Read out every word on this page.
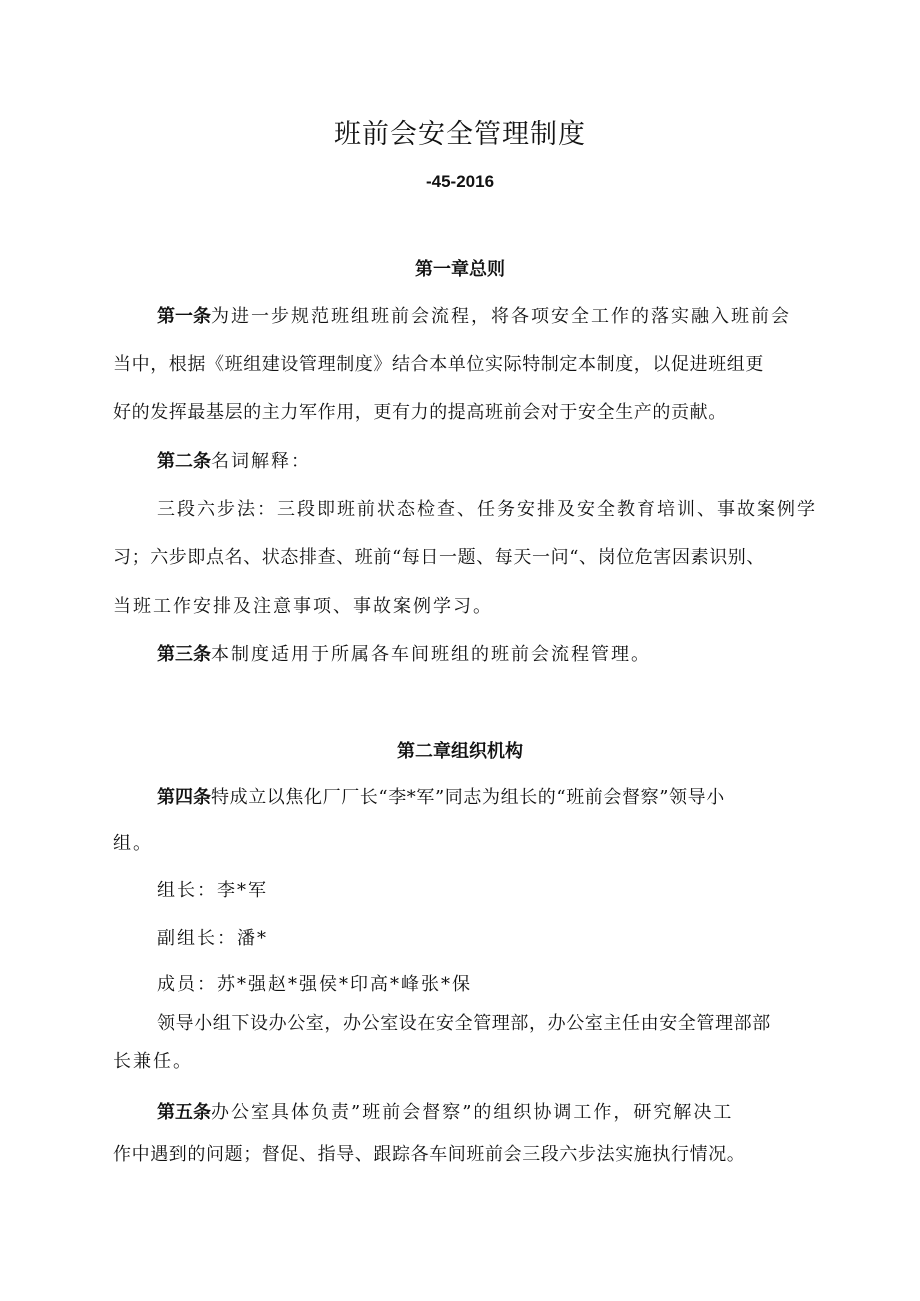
班前会安全管理制度
-45-2016
第一章总则
第一条为进一步规范班组班前会流程，将各项安全工作的落实融入班前会
当中，根据《班组建设管理制度》结合本单位实际特制定本制度，以促进班组更
好的发挥最基层的主力军作用，更有力的提高班前会对于安全生产的贡献。
第二条名词解释：
三段六步法：三段即班前状态检查、任务安排及安全教育培训、事故案例学
习；六步即点名、状态排查、班前“每日一题、每天一问“、岗位危害因素识别、
当班工作安排及注意事项、事故案例学习。
第三条本制度适用于所属各车间班组的班前会流程管理。
第二章组织机构
第四条特成立以焦化厂厂长“李*军”同志为组长的“班前会督察”领导小
组。
组长：李*军
副组长：潘*
成员：苏*强赵*强侯*印高*峰张*保
领导小组下设办公室，办公室设在安全管理部，办公室主任由安全管理部部
长兼任。
第五条办公室具体负责”班前会督察”的组织协调工作，研究解决工
作中遇到的问题；督促、指导、跟踪各车间班前会三段六步法实施执行情况。
